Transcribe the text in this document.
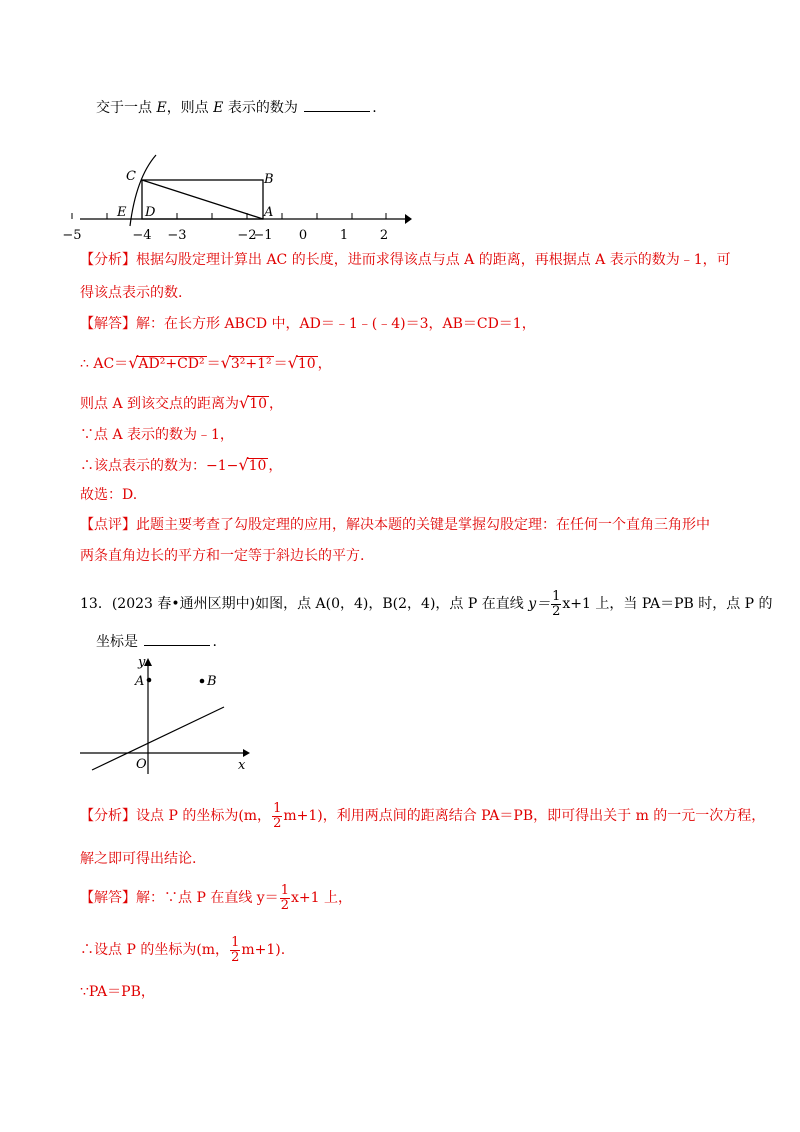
交于一点 E，则点 E 表示的数为	.
C	B
E D	A
−5	−4 −3	−2
−1 0	1 2
【分析】根据勾股定理计算出 AC 的长度，进而求得该点与点 A 的距离，再根据点 A 表示的数为﹣1，可
得该点表示的数.
【解答】解：在长方形 ABCD 中，AD＝﹣1﹣(﹣4)＝3，AB＝CD＝1，
∴ AC＝√AD²+CD² ＝√3²+1² ＝√10 ，
则点 A 到该交点的距离为√10 ，
∵点 A 表示的数为﹣1，
∴该点表示的数为：−1−√10 ，
故选：D.
【点评】此题主要考查了勾股定理的应用，解决本题的关键是掌握勾股定理：在任何一个直角三角形中
两条直角边长的平方和一定等于斜边长的平方.
13．(2023 春•通州区期中)如图，点 A(0，4)，B(2，4)，点 P 在直线 $y= \frac{1}{2} x+1$ 上，当 PA＝PB 时，点 P 的
坐标是	.
y
x
O
A	B
【分析】设点 P 的坐标为(m， $\frac{1}{2} m+1$)，利用两点间的距离结合 PA＝PB，即可得出关于 m 的一元一次方程，
解之即可得出结论.
【解答】解：∵点 P 在直线 $y= \frac{1}{2} x+1$ 上，
∴设点 P 的坐标为(m， $\frac{1}{2} m+1$).
∵PA＝PB，
